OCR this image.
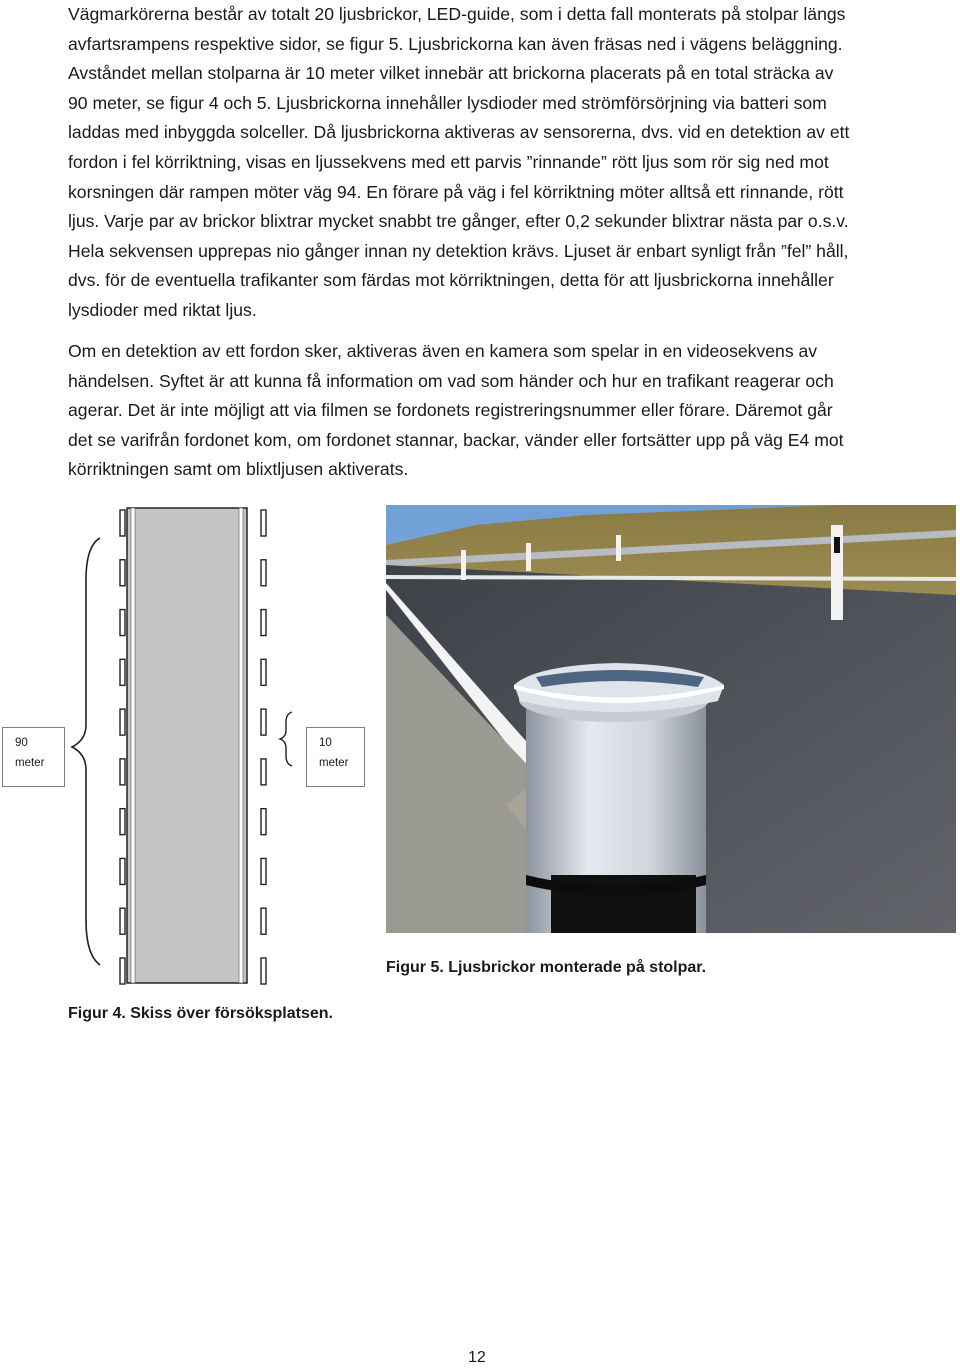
Vägmarkörerna består av totalt 20 ljusbrickor, LED-guide, som i detta fall monterats på stolpar längs
avfartsrampens respektive sidor, se figur 5. Ljusbrickorna kan även fräsas ned i vägens beläggning.
Avståndet mellan stolparna är 10 meter vilket innebär att brickorna placerats på en total sträcka av
90 meter, se figur 4 och 5. Ljusbrickorna innehåller lysdioder med strömförsörjning via batteri som
laddas med inbyggda solceller. Då ljusbrickorna aktiveras av sensorerna, dvs. vid en detektion av ett
fordon i fel körriktning, visas en ljussekvens med ett parvis ”rinnande” rött ljus som rör sig ned mot
korsningen där rampen möter väg 94. En förare på väg i fel körriktning möter alltså ett rinnande, rött
ljus. Varje par av brickor blixtrar mycket snabbt tre gånger, efter 0,2 sekunder blixtrar nästa par o.s.v.
Hela sekvensen upprepas nio gånger innan ny detektion krävs. Ljuset är enbart synligt från ”fel” håll,
dvs. för de eventuella trafikanter som färdas mot körriktningen, detta för att ljusbrickorna innehåller
lysdioder med riktat ljus.
Om en detektion av ett fordon sker, aktiveras även en kamera som spelar in en videosekvens av
händelsen. Syftet är att kunna få information om vad som händer och hur en trafikant reagerar och
agerar. Det är inte möjligt att via filmen se fordonets registreringsnummer eller förare. Däremot går
det se varifrån fordonet kom, om fordonet stannar, backar, vänder eller fortsätter upp på väg E4 mot
körriktningen samt om blixtljusen aktiverats.
90
meter
10
meter
Figur 5. Ljusbrickor monterade på stolpar.
Figur 4. Skiss över försöksplatsen.
12
